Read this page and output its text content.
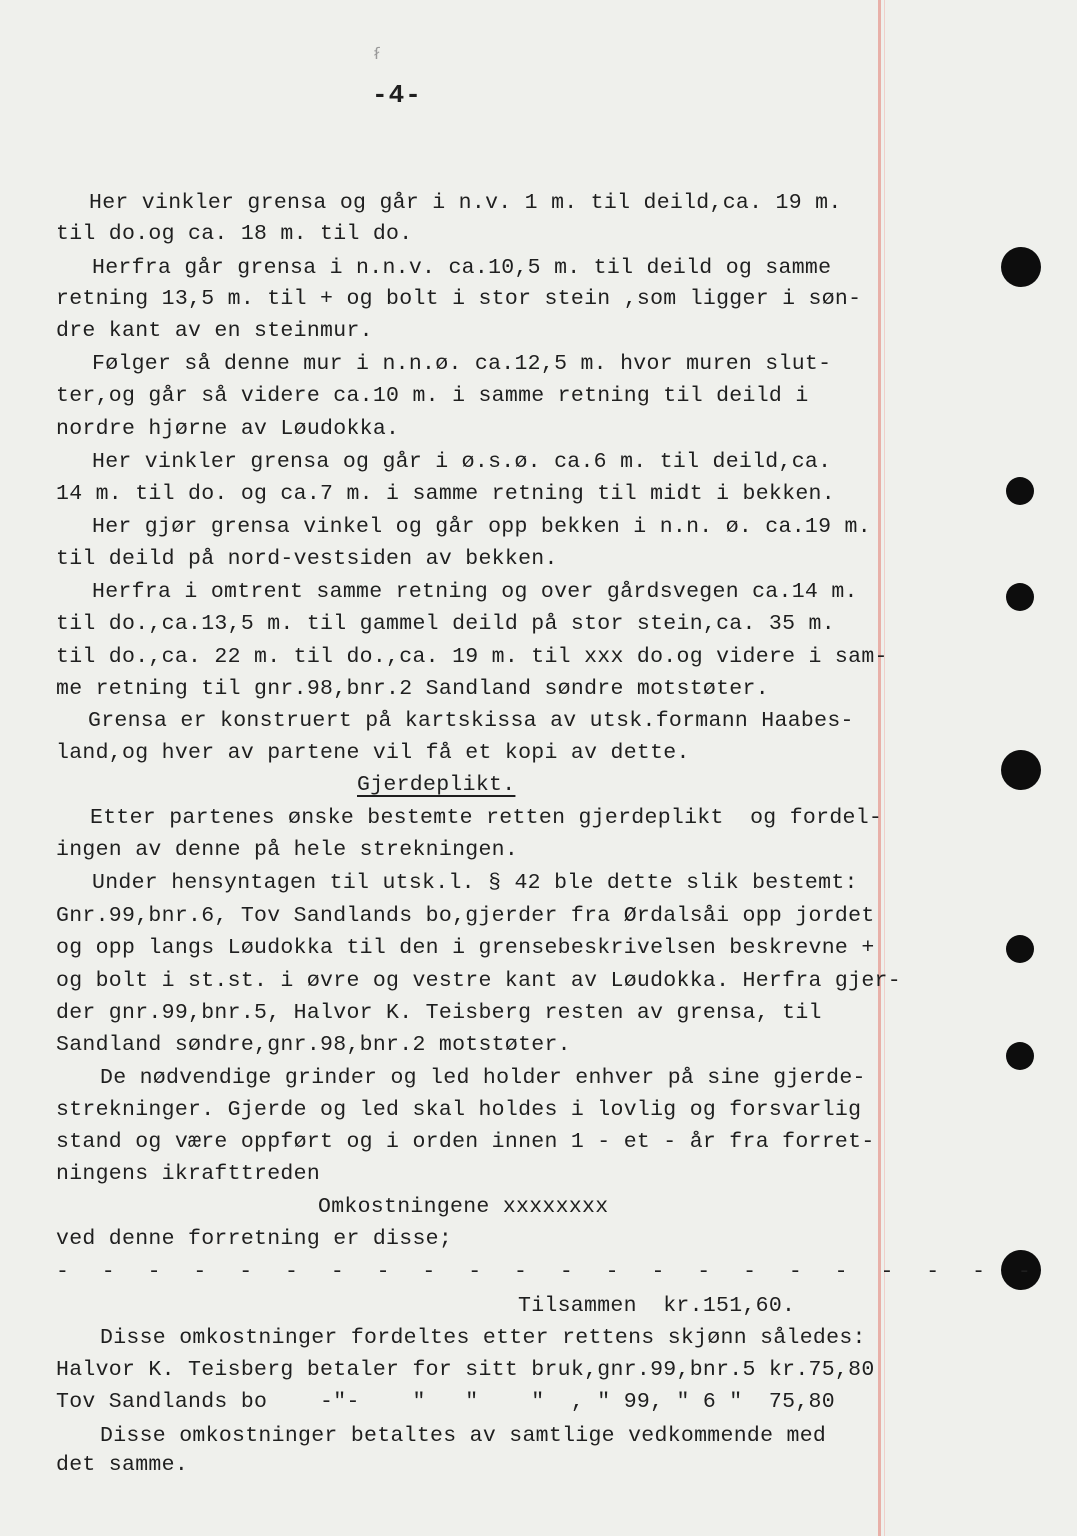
ẜ
-4-
Her vinkler grensa og går i n.v. 1 m. til deild,ca. 19 m.
til do.og ca. 18 m. til do.
Herfra går grensa i n.n.v. ca.10,5 m. til deild og samme
retning 13,5 m. til + og bolt i stor stein ,som ligger i søn-
dre kant av en steinmur.
Følger så denne mur i n.n.ø. ca.12,5 m. hvor muren slut-
ter,og går så videre ca.10 m. i samme retning til deild i
nordre hjørne av Løudokka.
Her vinkler grensa og går i ø.s.ø. ca.6 m. til deild,ca.
14 m. til do. og ca.7 m. i samme retning til midt i bekken.
Her gjør grensa vinkel og går opp bekken i n.n. ø. ca.19 m.
til deild på nord-vestsiden av bekken.
Herfra i omtrent samme retning og over gårdsvegen ca.14 m.
til do.,ca.13,5 m. til gammel deild på stor stein,ca. 35 m.
til do.,ca. 22 m. til do.,ca. 19 m. til xxx do.og videre i sam-
me retning til gnr.98,bnr.2 Sandland søndre motstøter.
Grensa er konstruert på kartskissa av utsk.formann Haabes-
land,og hver av partene vil få et kopi av dette.
Gjerdeplikt.
Etter partenes ønske bestemte retten gjerdeplikt  og fordel-
ingen av denne på hele strekningen.
Under hensyntagen til utsk.l. § 42 ble dette slik bestemt:
Gnr.99,bnr.6, Tov Sandlands bo,gjerder fra Ørdalsåi opp jordet
og opp langs Løudokka til den i grensebeskrivelsen beskrevne +
og bolt i st.st. i øvre og vestre kant av Løudokka. Herfra gjer-
der gnr.99,bnr.5, Halvor K. Teisberg resten av grensa, til
Sandland søndre,gnr.98,bnr.2 motstøter.
De nødvendige grinder og led holder enhver på sine gjerde-
strekninger. Gjerde og led skal holdes i lovlig og forsvarlig
stand og være oppført og i orden innen 1 - et - år fra forret-
ningens ikrafttreden
Omkostningene xxxxxxxx
ved denne forretning er disse;
- - - - - - - - - - - - - - - - - - - - - -
Tilsammen  kr.151,60.
Disse omkostninger fordeltes etter rettens skjønn således:
Halvor K. Teisberg betaler for sitt bruk,gnr.99,bnr.5 kr.75,80
Tov Sandlands bo    -"-    "   "    "  , " 99, " 6 "  75,80
Disse omkostninger betaltes av samtlige vedkommende med
det samme.
